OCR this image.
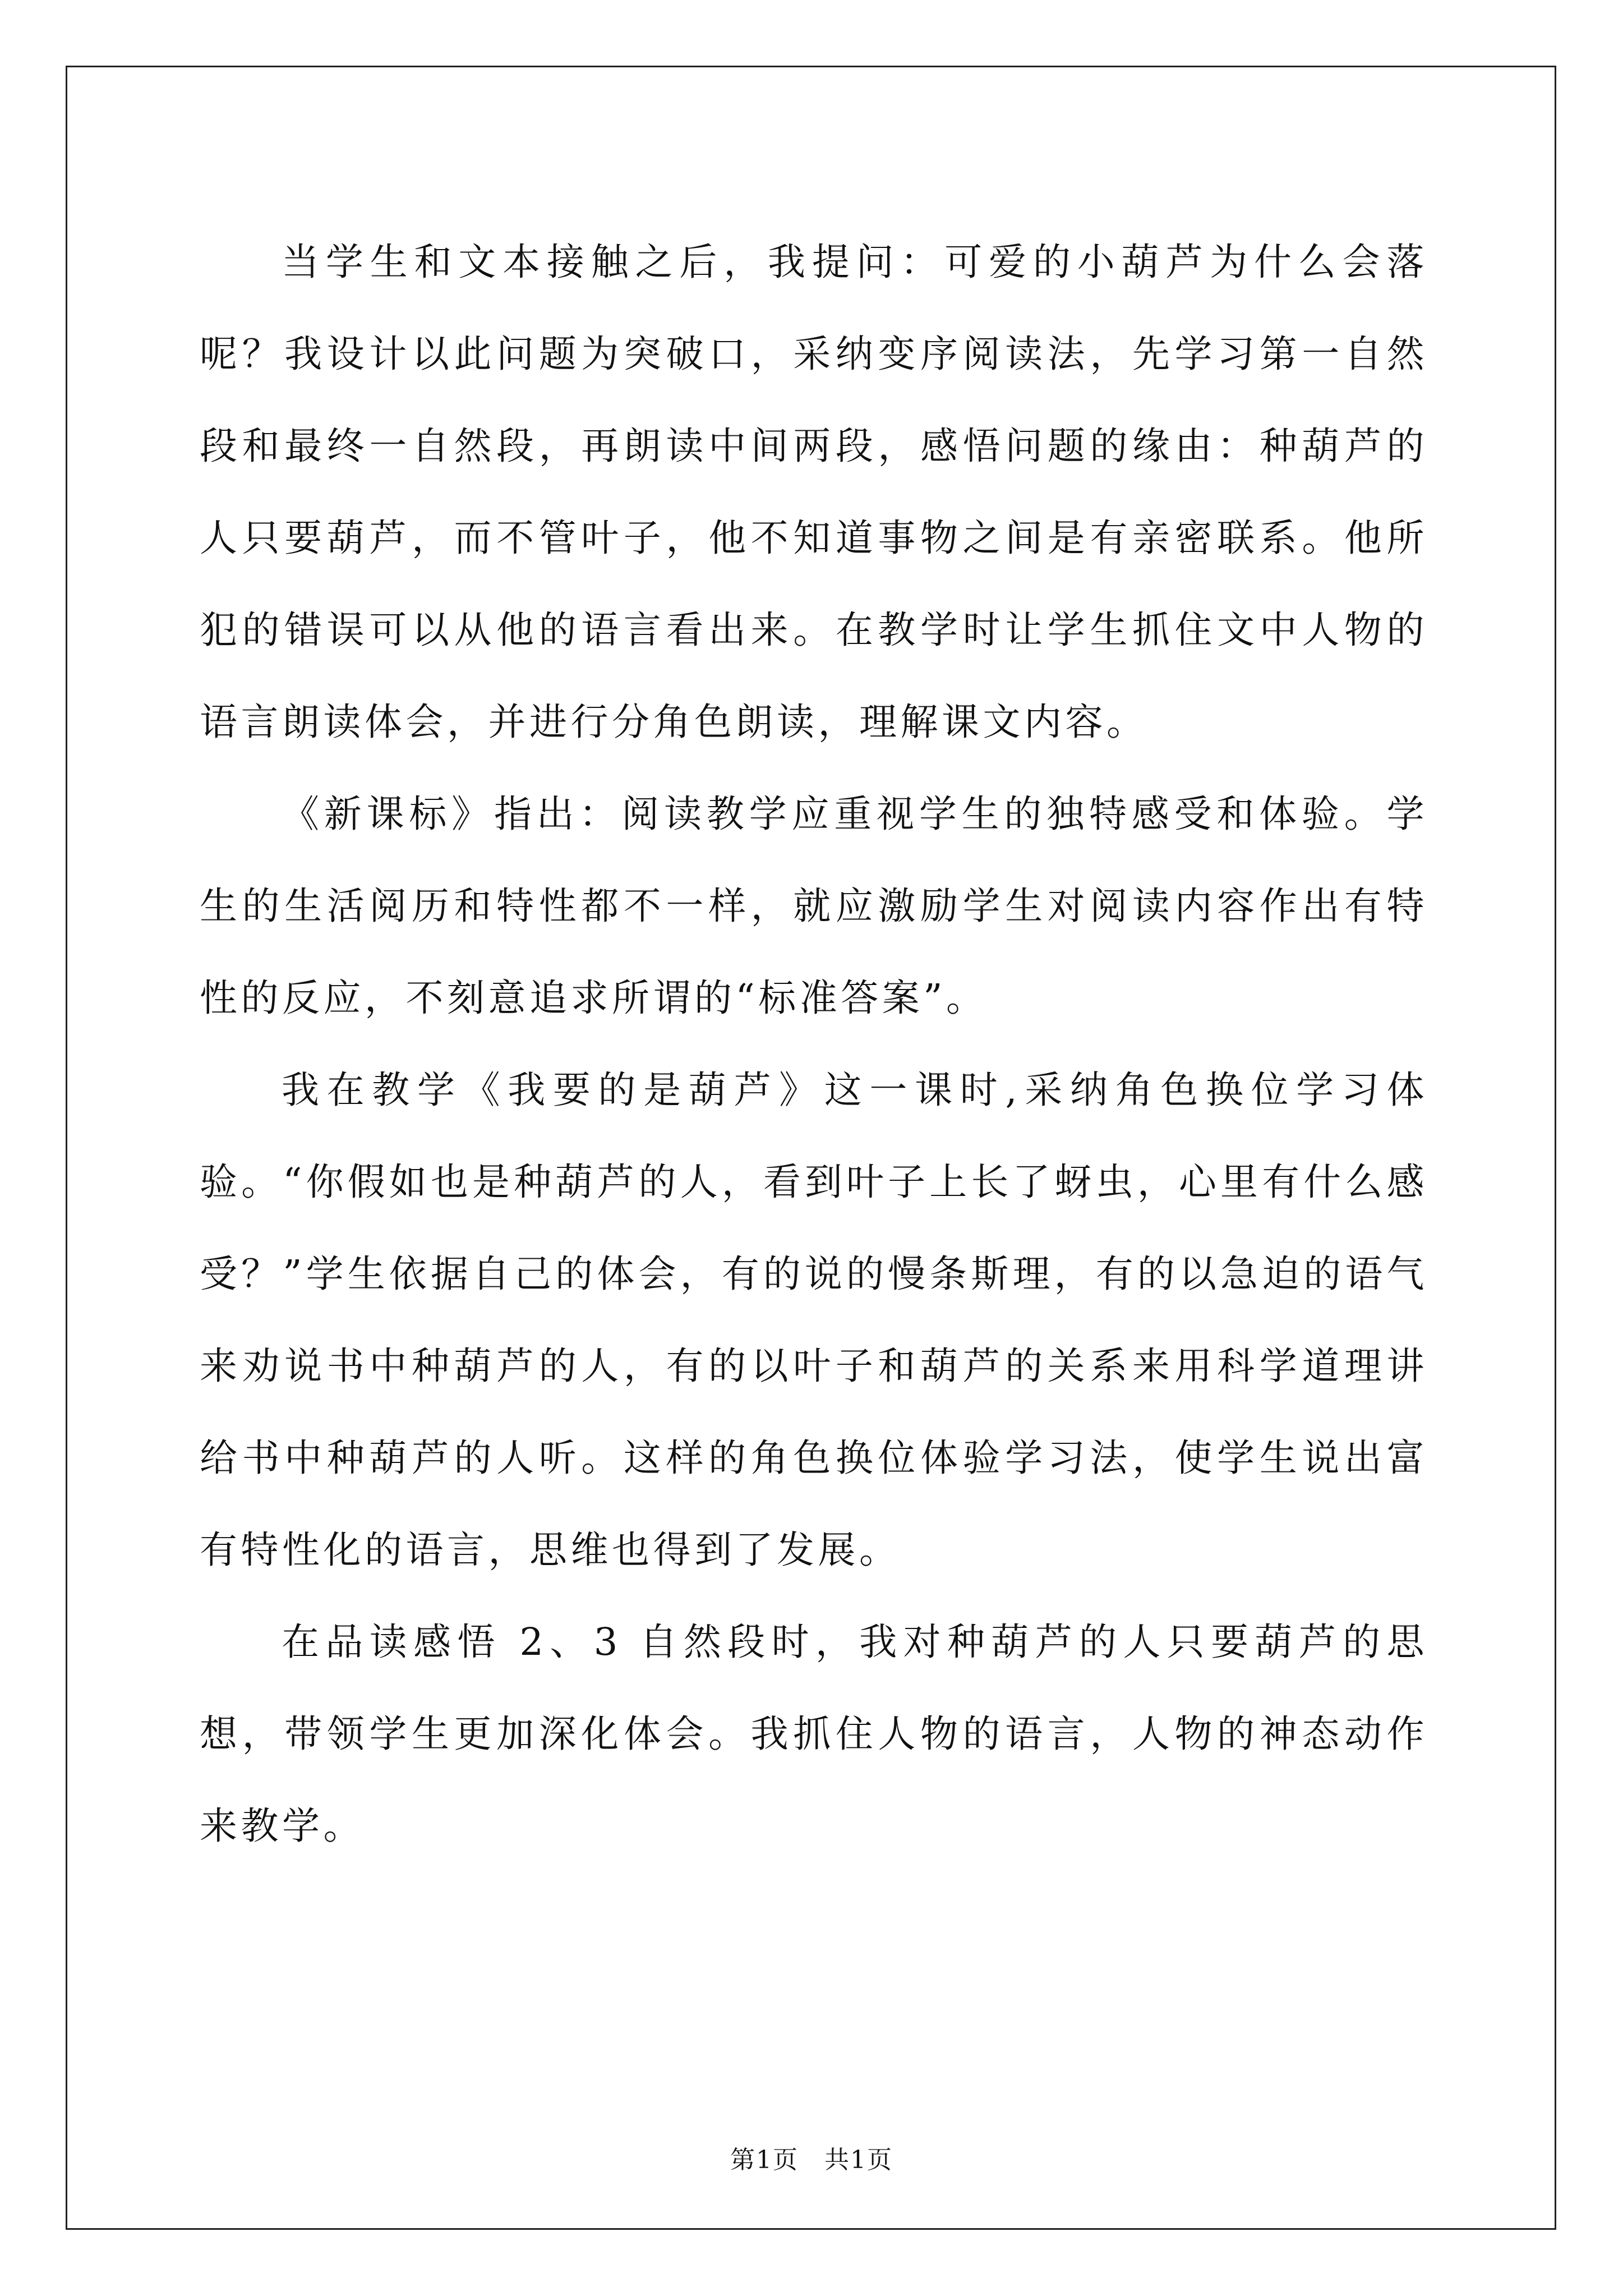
当学生和文本接触之后，我提问：可爱的小葫芦为什么会落呢？我设计以此问题为突破口，采纳变序阅读法，先学习第一自然段和最终一自然段，再朗读中间两段，感悟问题的缘由：种葫芦的人只要葫芦，而不管叶子，他不知道事物之间是有亲密联系。他所犯的错误可以从他的语言看出来。在教学时让学生抓住文中人物的语言朗读体会，并进行分角色朗读，理解课文内容。

《新课标》指出：阅读教学应重视学生的独特感受和体验。学生的生活阅历和特性都不一样，就应激励学生对阅读内容作出有特性的反应，不刻意追求所谓的“标准答案”。

我在教学《我要的是葫芦》这一课时,采纳角色换位学习体验。“你假如也是种葫芦的人，看到叶子上长了蚜虫，心里有什么感受？”学生依据自己的体会，有的说的慢条斯理，有的以急迫的语气来劝说书中种葫芦的人，有的以叶子和葫芦的关系来用科学道理讲给书中种葫芦的人听。这样的角色换位体验学习法，使学生说出富有特性化的语言，思维也得到了发展。

在品读感悟 2、3 自然段时，我对种葫芦的人只要葫芦的思想，带领学生更加深化体会。我抓住人物的语言，人物的神态动作来教学。

第1页　共1页
